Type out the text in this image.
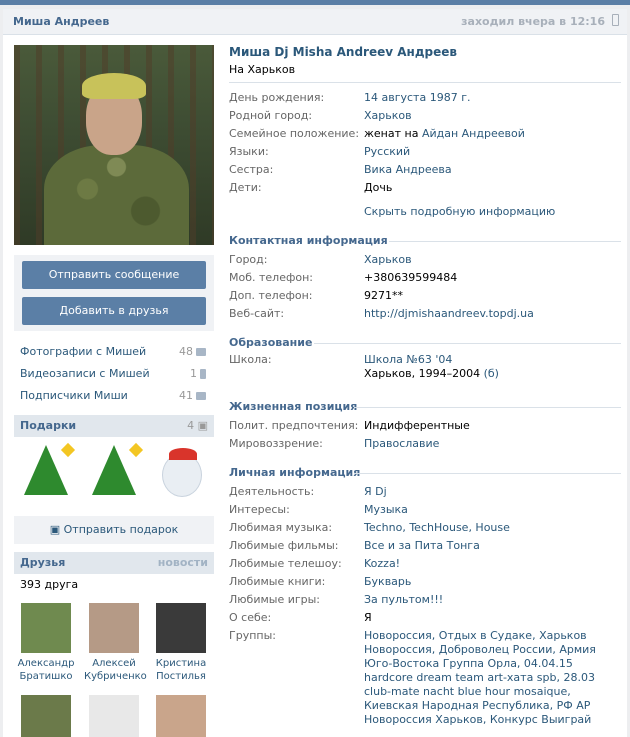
Миша Андреев	заходил вчера в 12:16
Отправить сообщение
Добавить в друзья
Фотографии с Мишей	48
Видеозаписи с Мишей	1
Подписчики Миши	41
Подарки	4 ▣
▣ Отправить подарок
Друзья	новости
393 друга
Александр
Братишко
Алексей
Кубриченко
Кристина
Постилья
Миша Dj Misha Andreev Андреев
На Харьков
День рождения:	14 августа 1987 г.
Родной город:	Харьков
Семейное положение: женат на Айдан Андреевой
Языки:	Русский
Сестра:	Вика Андреева
Дети:	Дочь
Скрыть подробную информацию
Контактная информация
Город:	Харьков
Моб. телефон:	+380639599484
Доп. телефон:	9271**
Веб-сайт:	http://djmishaandreev.topdj.ua
Образование
Школа:	Школа №63 '04
Харьков, 1994–2004 (б)
Жизненная позиция
Полит. предпочтения: Индифферентные
Мировоззрение:	Православие
Личная информация
Деятельность:	Я Dj
Интересы:	Музыка
Любимая музыка:	Techno, TechHouse, House
Любимые фильмы: Все и за Пита Тонга
Любимые телешоу: Kozza!
Любимые книги:	Букварь
Любимые игры:	За пультом!!!
О себе:	Я
Группы:	Новороссия, Отдых в Судаке, Харьков Новороссия, Доброволец России, Армия Юго-Востока Группа Орла, 04.04.15 hardcore dream team art-хата spb, 28.03 club-mate nacht blue hour mosaique, Киевская Народная Республика, РФ АР Новороссия Харьков, Конкурс Выиграй
